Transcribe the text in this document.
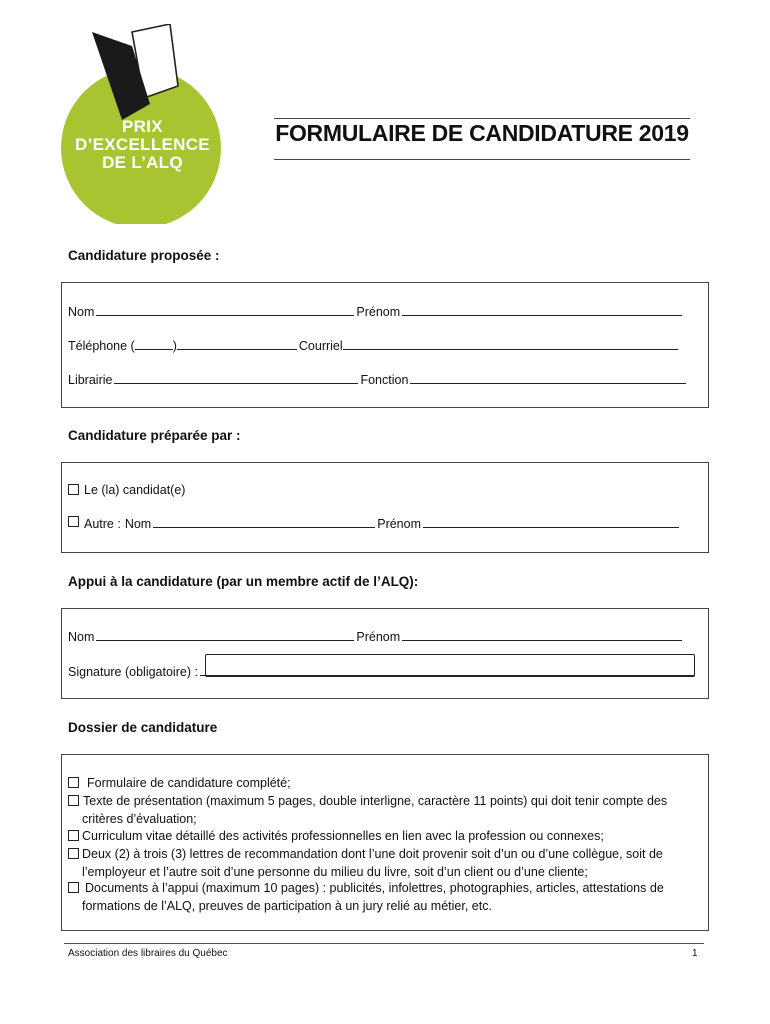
PRIX
D’EXCELLENCE
DE L’ALQ
FORMULAIRE DE CANDIDATURE 2019
Candidature proposée :
Nom	Prénom
Téléphone (	)	Courriel
Librairie	Fonction
Candidature préparée par :
Le (la) candidat(e)
Autre : Nom	Prénom
Appui à la candidature (par un membre actif de l’ALQ):
Nom	Prénom
Signature (obligatoire) :
Dossier de candidature
Formulaire de candidature complété;
Texte de présentation (maximum 5 pages, double interligne, caractère 11 points) qui doit tenir compte des
critères d’évaluation;
Curriculum vitae détaillé des activités professionnelles en lien avec la profession ou connexes;
Deux (2) à trois (3) lettres de recommandation dont l’une doit provenir soit d’un ou d’une collègue, soit de
l’employeur et l’autre soit d’une personne du milieu du livre, soit d’un client ou d’une cliente;
Documents à l’appui (maximum 10 pages) : publicités, infolettres, photographies, articles, attestations de
formations de l’ALQ, preuves de participation à un jury relié au métier, etc.
Association des libraires du Québec	1
